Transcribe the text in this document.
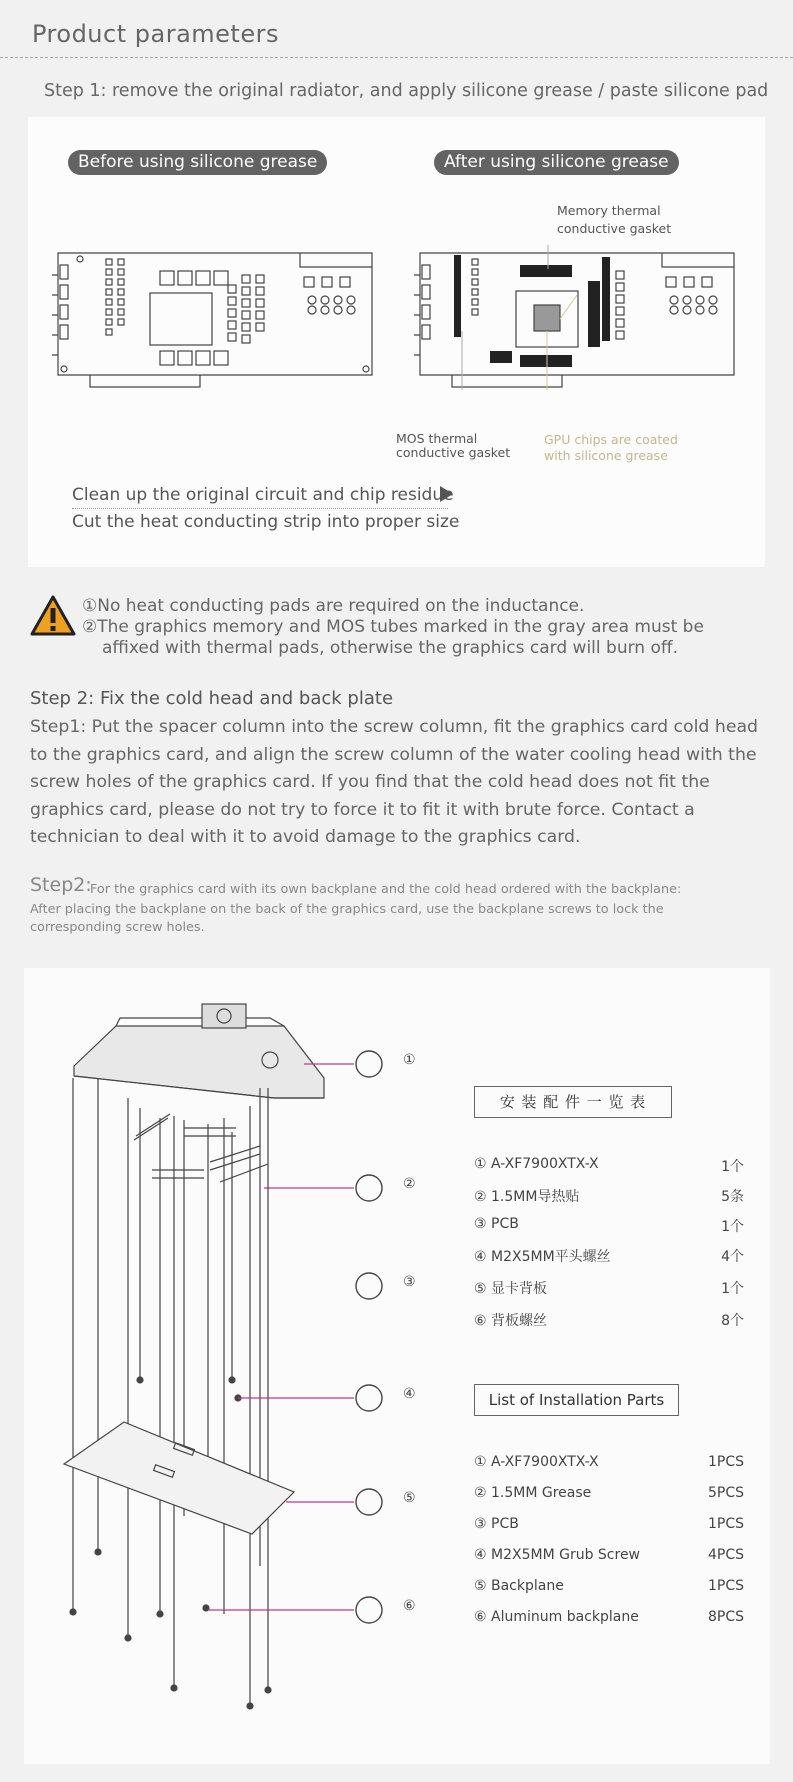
Product parameters
Step 1: remove the original radiator, and apply silicone grease / paste silicone pad
Before using silicone grease	After using silicone grease
Memory thermal
conductive gasket
MOS thermal
conductive gasket
GPU chips are coated
with silicone grease
Clean up the original circuit and chip residue
Cut the heat conducting strip into proper size
①No heat conducting pads are required on the inductance.
②The graphics memory and MOS tubes marked in the gray area must be
affixed with thermal pads, otherwise the graphics card will burn off.
Step 2: Fix the cold head and back plate
Step1: Put the spacer column into the screw column, fit the graphics card cold head to the graphics card, and align the screw column of the water cooling head with the screw holes of the graphics card. If you find that the cold head does not fit the graphics card, please do not try to force it to fit it with brute force. Contact a technician to deal with it to avoid damage to the graphics card.
Step2:
For the graphics card with its own backplane and the cold head ordered with the backplane:
After placing the backplane on the back of the graphics card, use the backplane screws to lock the
corresponding screw holes.
①
②
③
④
⑤
⑥
安 装 配 件 一 览 表
① A-XF7900XTX-X	1个
② 1.5MM导热贴	5条
③ PCB	1个
④ M2X5MM平头螺丝	4个
⑤ 显卡背板	1个
⑥ 背板螺丝	8个
List of Installation Parts
① A-XF7900XTX-X	1PCS
② 1.5MM Grease	5PCS
③ PCB	1PCS
④ M2X5MM Grub Screw	4PCS
⑤ Backplane	1PCS
⑥ Aluminum backplane	8PCS
